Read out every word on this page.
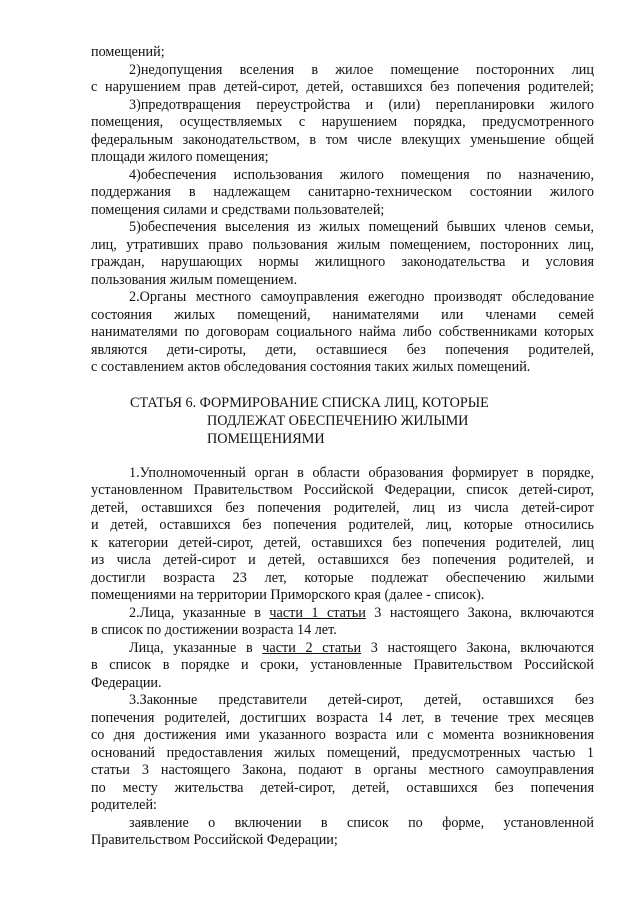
помещений;
2)недопущения вселения в жилое помещение посторонних лиц
с нарушением прав детей-сирот, детей, оставшихся без попечения родителей;
3)предотвращения переустройства и (или) перепланировки жилого
помещения, осуществляемых с нарушением порядка, предусмотренного
федеральным законодательством, в том числе влекущих уменьшение общей
площади жилого помещения;
4)обеспечения использования жилого помещения по назначению,
поддержания в надлежащем санитарно-техническом состоянии жилого
помещения силами и средствами пользователей;
5)обеспечения выселения из жилых помещений бывших членов семьи,
лиц, утративших право пользования жилым помещением, посторонних лиц,
граждан, нарушающих нормы жилищного законодательства и условия
пользования жилым помещением.
2.Органы местного самоуправления ежегодно производят обследование
состояния жилых помещений, нанимателями или членами семей
нанимателями по договорам социального найма либо собственниками которых
являются дети-сироты, дети, оставшиеся без попечения родителей,
с составлением актов обследования состояния таких жилых помещений.
СТАТЬЯ 6. ФОРМИРОВАНИЕ СПИСКА ЛИЦ, КОТОРЫЕ
ПОДЛЕЖАТ ОБЕСПЕЧЕНИЮ ЖИЛЫМИ
ПОМЕЩЕНИЯМИ
1.Уполномоченный орган в области образования формирует в порядке,
установленном Правительством Российской Федерации, список детей-сирот,
детей, оставшихся без попечения родителей, лиц из числа детей-сирот
и детей, оставшихся без попечения родителей, лиц, которые относились
к категории детей-сирот, детей, оставшихся без попечения родителей, лиц
из числа детей-сирот и детей, оставшихся без попечения родителей, и
достигли возраста 23 лет, которые подлежат обеспечению жилыми
помещениями на территории Приморского края (далее - список).
2.Лица, указанные в части 1 статьи 3 настоящего Закона, включаются
в список по достижении возраста 14 лет.
Лица, указанные в части 2 статьи 3 настоящего Закона, включаются
в список в порядке и сроки, установленные Правительством Российской
Федерации.
3.Законные представители детей-сирот, детей, оставшихся без
попечения родителей, достигших возраста 14 лет, в течение трех месяцев
со дня достижения ими указанного возраста или с момента возникновения
оснований предоставления жилых помещений, предусмотренных частью 1
статьи 3 настоящего Закона, подают в органы местного самоуправления
по месту жительства детей-сирот, детей, оставшихся без попечения
родителей:
заявление о включении в список по форме, установленной
Правительством Российской Федерации;
